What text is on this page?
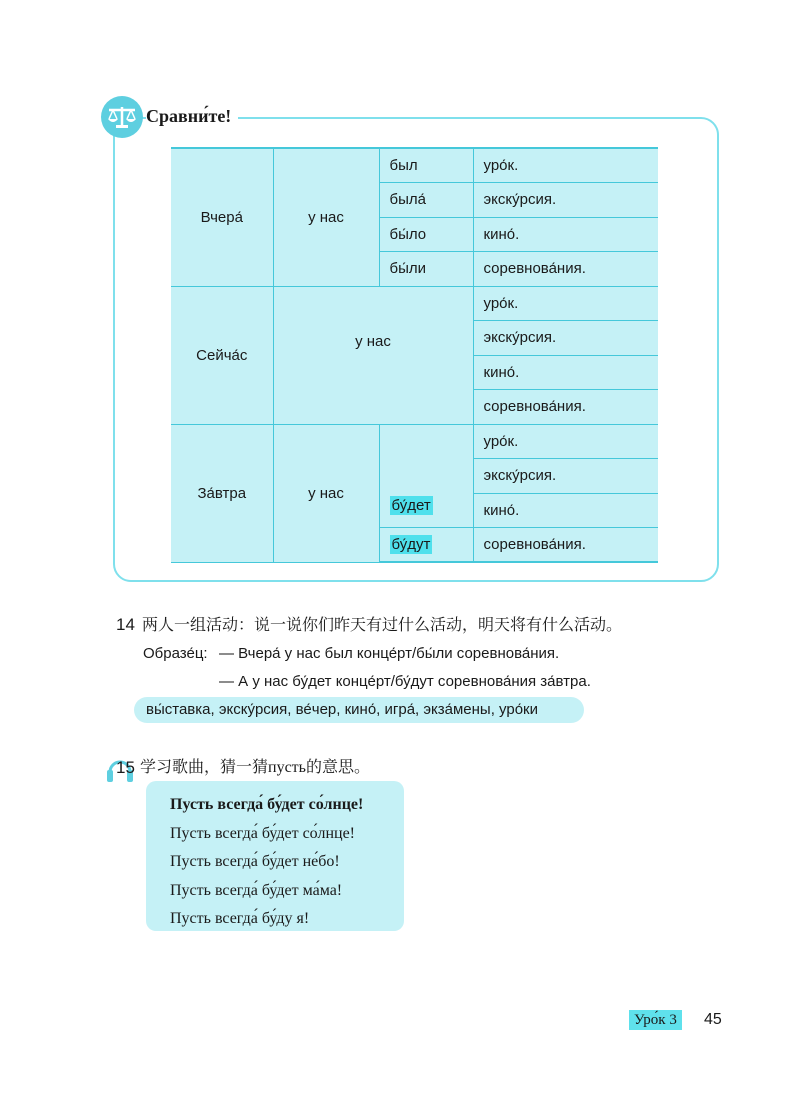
Сравни́те!
Вчера́	у нас	был	уро́к.
		была́	экску́рсия.
		бы́ло	кино́.
		бы́ли	соревнова́ния.
Сейча́с	у нас		уро́к.
			экску́рсия.
			кино́.
			соревнова́ния.
За́втра	у нас	бу́дет	уро́к.
			экску́рсия.
			кино́.
		бу́дут	соревнова́ния.
14 两人一组活动：说一说你们昨天有过什么活动，明天将有什么活动。
Образе́ц: — Вчера́ у нас был конце́рт/бы́ли соревнова́ния.
— А у нас бу́дет конце́рт/бу́дут соревнова́ния за́втра.
вы́ставка, экску́рсия, ве́чер, кино́, игра́, экза́мены, уро́ки
15 学习歌曲，猜一猜пусть的意思。
Пусть всегда́ бу́дет со́лнце!
Пусть всегда́ бу́дет со́лнце!
Пусть всегда́ бу́дет не́бо!
Пусть всегда́ бу́дет ма́ма!
Пусть всегда́ бу́ду я!
Уро́к 3	45
